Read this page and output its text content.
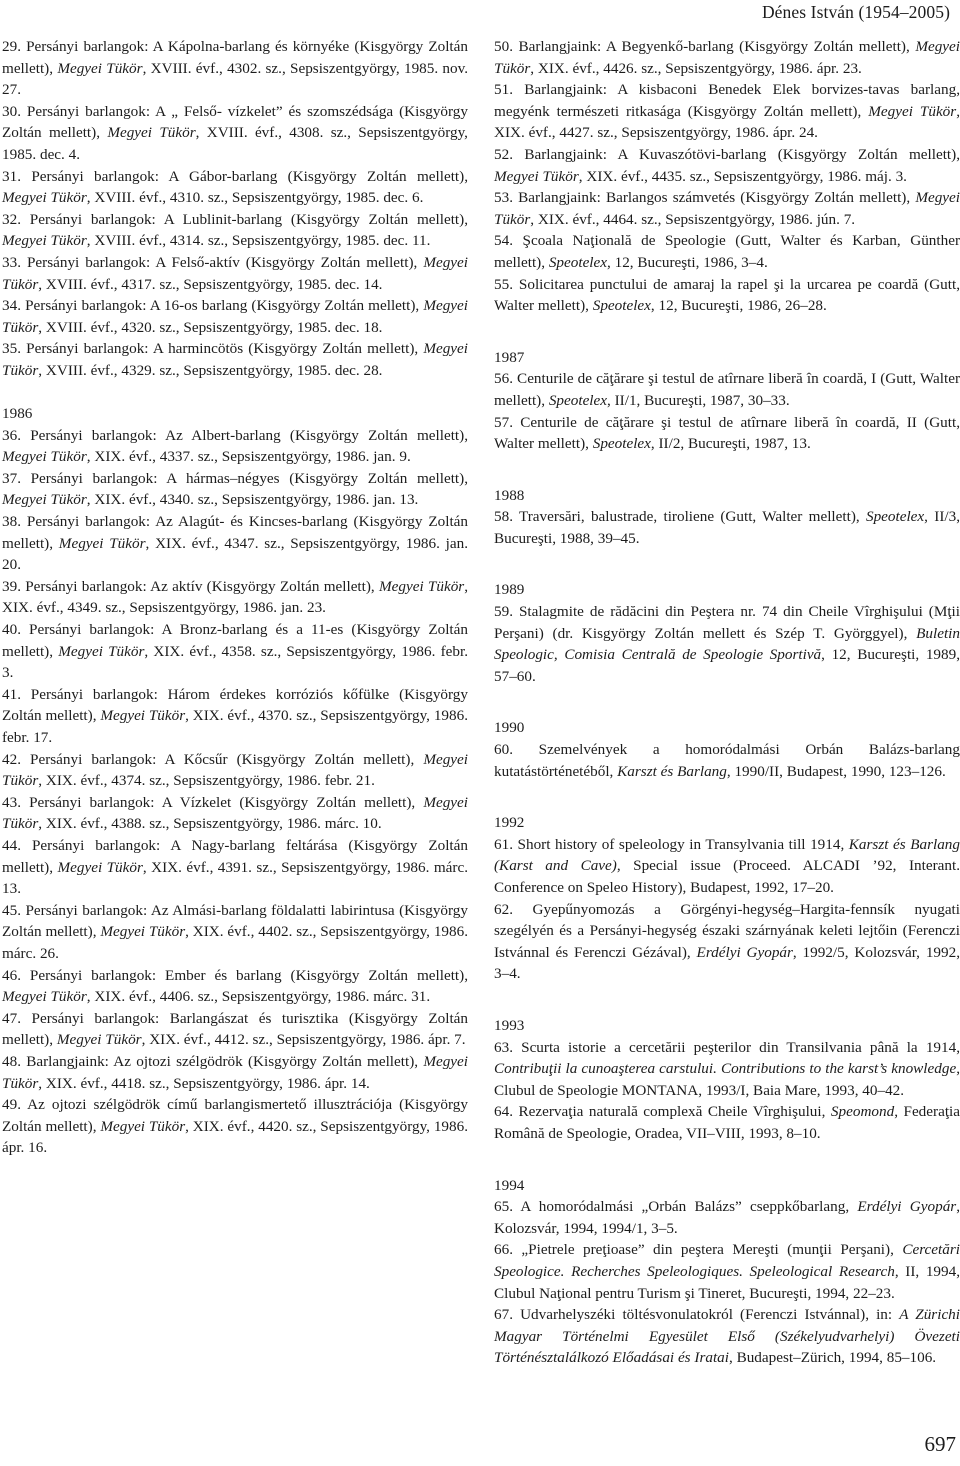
Dénes István (1954–2005)

29. Persányi barlangok: A Kápolna-barlang és környéke (Kisgyörgy Zoltán mellett), Megyei Tükör, XVIII. évf., 4302. sz., Sepsiszentgyörgy, 1985. nov. 27.

30. Persányi barlangok: A „ Felső- vízkelet” és szomszédsága (Kisgyörgy Zoltán mellett), Megyei Tükör, XVIII. évf., 4308. sz., Sepsiszentgyörgy, 1985. dec. 4.

31. Persányi barlangok: A Gábor-barlang (Kisgyörgy Zoltán mellett), Megyei Tükör, XVIII. évf., 4310. sz., Sepsiszentgyörgy, 1985. dec. 6.

32. Persányi barlangok: A Lublinit-barlang (Kisgyörgy Zoltán mellett), Megyei Tükör, XVIII. évf., 4314. sz., Sepsiszentgyörgy, 1985. dec. 11.

33. Persányi barlangok: A Felső-aktív (Kisgyörgy Zoltán mellett), Megyei Tükör, XVIII. évf., 4317. sz., Sepsiszentgyörgy, 1985. dec. 14.

34. Persányi barlangok: A 16-os barlang (Kisgyörgy Zoltán mellett), Megyei Tükör, XVIII. évf., 4320. sz., Sepsiszentgyörgy, 1985. dec. 18.

35. Persányi barlangok: A harmincötös (Kisgyörgy Zoltán mellett), Megyei Tükör, XVIII. évf., 4329. sz., Sepsiszentgyörgy, 1985. dec. 28.

1986

36. Persányi barlangok: Az Albert-barlang (Kisgyörgy Zoltán mellett), Megyei Tükör, XIX. évf., 4337. sz., Sepsiszentgyörgy, 1986. jan. 9.

37. Persányi barlangok: A hármas–négyes (Kisgyörgy Zoltán mellett), Megyei Tükör, XIX. évf., 4340. sz., Sepsiszentgyörgy, 1986. jan. 13.

38. Persányi barlangok: Az Alagút- és Kincses-barlang (Kisgyörgy Zoltán mellett), Megyei Tükör, XIX. évf., 4347. sz., Sepsiszentgyörgy, 1986. jan. 20.

39. Persányi barlangok: Az aktív (Kisgyörgy Zoltán mellett), Megyei Tükör, XIX. évf., 4349. sz., Sepsiszentgyörgy, 1986. jan. 23.

40. Persányi barlangok: A Bronz-barlang és a 11-es (Kisgyörgy Zoltán mellett), Megyei Tükör, XIX. évf., 4358. sz., Sepsiszentgyörgy, 1986. febr. 3.

41. Persányi barlangok: Három érdekes korróziós kőfülke (Kisgyörgy Zoltán mellett), Megyei Tükör, XIX. évf., 4370. sz., Sepsiszentgyörgy, 1986. febr. 17.

42. Persányi barlangok: A Kőcsűr (Kisgyörgy Zoltán mellett), Megyei Tükör, XIX. évf., 4374. sz., Sepsiszentgyörgy, 1986. febr. 21.

43. Persányi barlangok: A Vízkelet (Kisgyörgy Zoltán mellett), Megyei Tükör, XIX. évf., 4388. sz., Sepsiszentgyörgy, 1986. márc. 10.

44. Persányi barlangok: A Nagy-barlang feltárása (Kisgyörgy Zoltán mellett), Megyei Tükör, XIX. évf., 4391. sz., Sepsiszentgyörgy, 1986. márc. 13.

45. Persányi barlangok: Az Almási-barlang földalatti labirintusa (Kisgyörgy Zoltán mellett), Megyei Tükör, XIX. évf., 4402. sz., Sepsiszentgyörgy, 1986. márc. 26.

46. Persányi barlangok: Ember és barlang (Kisgyörgy Zoltán mellett), Megyei Tükör, XIX. évf., 4406. sz., Sepsiszentgyörgy, 1986. márc. 31.

47. Persányi barlangok: Barlangászat és turisztika (Kisgyörgy Zoltán mellett), Megyei Tükör, XIX. évf., 4412. sz., Sepsiszentgyörgy, 1986. ápr. 7.

48. Barlangjaink: Az ojtozi szélgödrök (Kisgyörgy Zoltán mellett), Megyei Tükör, XIX. évf., 4418. sz., Sepsiszentgyörgy, 1986. ápr. 14.

49. Az ojtozi szélgödrök című barlangismertető illusztrációja (Kisgyörgy Zoltán mellett), Megyei Tükör, XIX. évf., 4420. sz., Sepsiszentgyörgy, 1986. ápr. 16.

50. Barlangjaink: A Begyenkő-barlang (Kisgyörgy Zoltán mellett), Megyei Tükör, XIX. évf., 4426. sz., Sepsiszentgyörgy, 1986. ápr. 23.

51. Barlangjaink: A kisbaconi Benedek Elek borvizes-tavas barlang, megyénk természeti ritkasága (Kisgyörgy Zoltán mellett), Megyei Tükör, XIX. évf., 4427. sz., Sepsiszentgyörgy, 1986. ápr. 24.

52. Barlangjaink: A Kuvaszótövi-barlang (Kisgyörgy Zoltán mellett), Megyei Tükör, XIX. évf., 4435. sz., Sepsiszentgyörgy, 1986. máj. 3.

53. Barlangjaink: Barlangos számvetés (Kisgyörgy Zoltán mellett), Megyei Tükör, XIX. évf., 4464. sz., Sepsiszentgyörgy, 1986. jún. 7.

54. Şcoala Naţională de Speologie (Gutt, Walter és Karban, Günther mellett), Speotelex, 12, Bucureşti, 1986, 3–4.

55. Solicitarea punctului de amaraj la rapel şi la urcarea pe coardă (Gutt, Walter mellett), Speotelex, 12, Bucureşti, 1986, 26–28.

1987

56. Centurile de căţărare şi testul de atîrnare liberă în coardă, I (Gutt, Walter mellett), Speotelex, II/1, Bucureşti, 1987, 30–33.

57. Centurile de căţărare şi testul de atîrnare liberă în coardă, II (Gutt, Walter mellett), Speotelex, II/2, Bucureşti, 1987, 13.

1988

58. Traversări, balustrade, tiroliene (Gutt, Walter mellett), Speotelex, II/3, Bucureşti, 1988, 39–45.

1989

59. Stalagmite de rădăcini din Peştera nr. 74 din Cheile Vîrghişului (Mţii Perşani) (dr. Kisgyörgy Zoltán mellett és Szép T. Györggyel), Buletin Speologic, Comisia Centrală de Speologie Sportivă, 12, Bucureşti, 1989, 57–60.

1990

60. Szemelvények a homoródalmási Orbán Balázs-barlang kutatástörténetéből, Karszt és Barlang, 1990/II, Budapest, 1990, 123–126.

1992

61. Short history of speleology in Transylvania till 1914, Karszt és Barlang (Karst and Cave), Special issue (Proceed. ALCADI ’92, Interant. Conference on Speleo History), Budapest, 1992, 17–20.

62. Gyepűnyomozás a Görgényi-hegység–Hargita-fennsík nyugati szegélyén és a Persányi-hegység északi szárnyának keleti lejtőin (Ferenczi Istvánnal és Ferenczi Gézával), Erdélyi Gyopár, 1992/5, Kolozsvár, 1992, 3–4.

1993

63. Scurta istorie a cercetării peşterilor din Transilvania până la 1914, Contribuţii la cunoaşterea carstului. Contributions to the karst’s knowledge, Clubul de Speologie MONTANA, 1993/I, Baia Mare, 1993, 40–42.

64. Rezervaţia naturală complexă Cheile Vîrghişului, Speomond, Federaţia Română de Speologie, Oradea, VII–VIII, 1993, 8–10.

1994

65. A homoródalmási „Orbán Balázs” cseppkőbarlang, Erdélyi Gyopár, Kolozsvár, 1994, 1994/1, 3–5.

66. „Pietrele preţioase” din peştera Mereşti (munţii Perşani), Cercetări Speologice. Recherches Speleologiques. Speleological Research, II, 1994, Clubul Naţional pentru Turism şi Tineret, Bucureşti, 1994, 22–23.

67. Udvarhelyszéki töltésvonulatokról (Ferenczi Istvánnal), in: A Zürichi Magyar Történelmi Egyesület Első (Székelyudvarhelyi) Övezeti Történésztalálkozó Előadásai és Iratai, Budapest–Zürich, 1994, 85–106.

697
